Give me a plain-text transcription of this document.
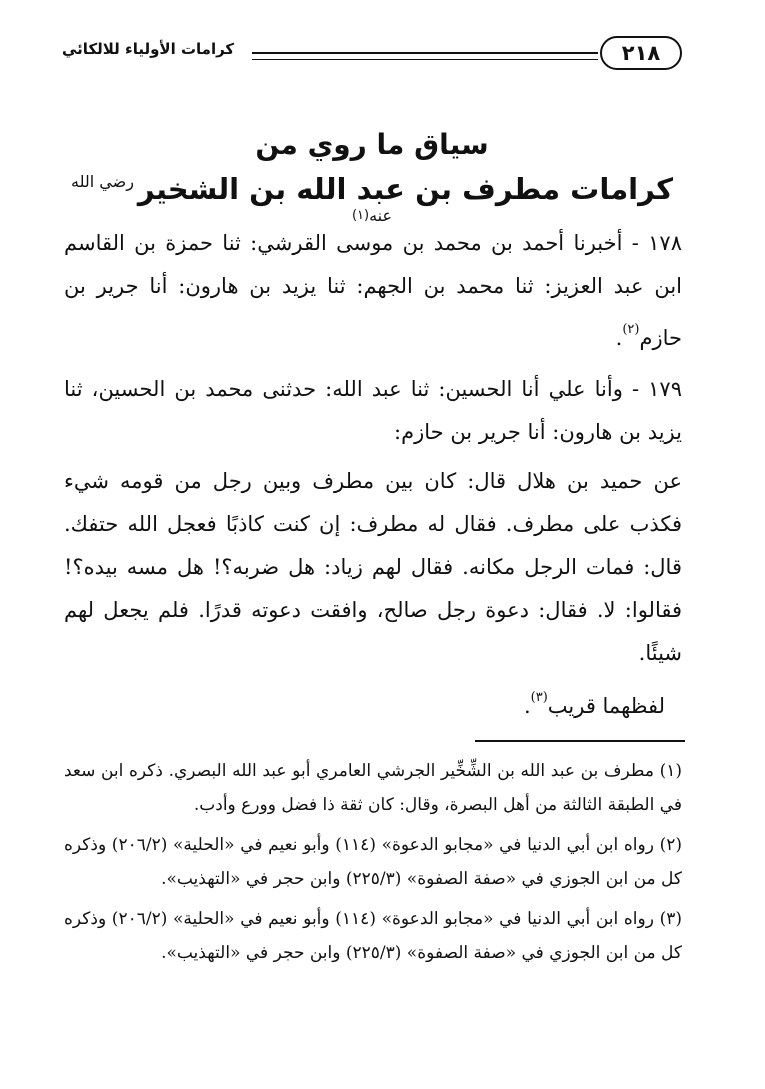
٢١٨
كرامات الأولياء للالكائي
سياق ما روي من
كرامات مطرف بن عبد الله بن الشخير$^{رضي الله عنه(١)}$

١٧٨ - أخبرنا أحمد بن محمد بن موسى القرشي: ثنا حمزة بن القاسم ابن عبد العزيز: ثنا محمد بن الجهم: ثنا يزيد بن هارون: أنا جرير بن حازم$^{(٢)}$.

١٧٩ - وأنا علي أنا الحسين: ثنا عبد الله: حدثنى محمد بن الحسين، ثنا يزيد بن هارون: أنا جرير بن حازم:

عن حميد بن هلال قال: كان بين مطرف وبين رجل من قومه شيء فكذب على مطرف. فقال له مطرف: إن كنت كاذبًا فعجل الله حتفك. قال: فمات الرجل مكانه. فقال لهم زياد: هل ضربه؟! هل مسه بيده؟! فقالوا: لا. فقال: دعوة رجل صالح، وافقت دعوته قدرًا. فلم يجعل لهم شيئًا.

لفظهما قريب$^{(٣)}$.

(١) مطرف بن عبد الله بن الشِّخِّير الجرشي العامري أبو عبد الله البصري. ذكره ابن سعد في الطبقة الثالثة من أهل البصرة، وقال: كان ثقة ذا فضل وورع وأدب.

(٢) رواه ابن أبي الدنيا في «مجابو الدعوة» (١١٤) وأبو نعيم في «الحلية» (٢٠٦/٢) وذكره كل من ابن الجوزي في «صفة الصفوة» (٢٢٥/٣) وابن حجر في «التهذيب».

(٣) رواه ابن أبي الدنيا في «مجابو الدعوة» (١١٤) وأبو نعيم في «الحلية» (٢٠٦/٢) وذكره كل من ابن الجوزي في «صفة الصفوة» (٢٢٥/٣) وابن حجر في «التهذيب».
